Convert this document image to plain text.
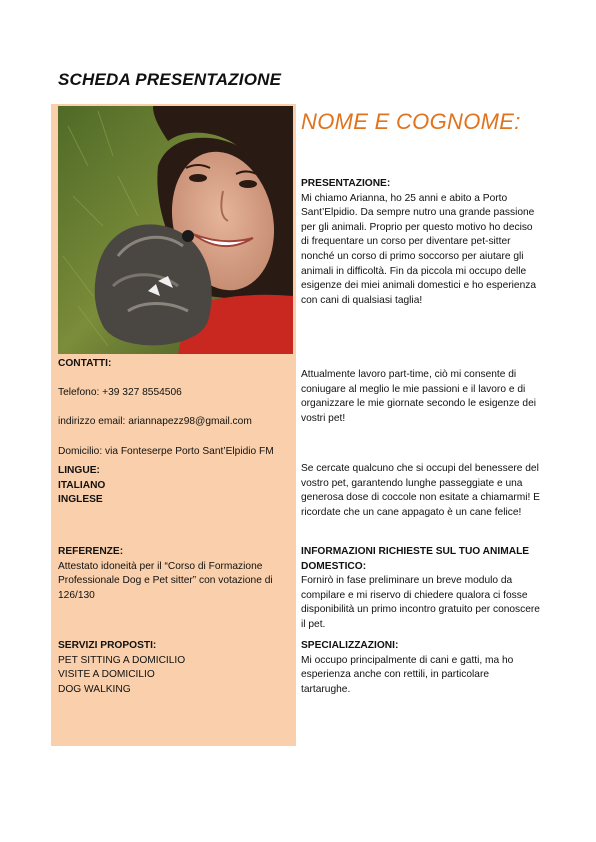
SCHEDA PRESENTAZIONE

CONTATTI:

Telefono: +39 327 8554506

indirizzo email: ariannapezz98@gmail.com

Domicilio: via Fonteserpe Porto Sant’Elpidio FM

LINGUE:

ITALIANO

INGLESE

REFERENZE:

Attestato idoneità per il “Corso di Formazione Professionale Dog e Pet sitter” con votazione di 126/130

SERVIZI PROPOSTI:

PET SITTING A DOMICILIO

VISITE A DOMICILIO

DOG WALKING

NOME E COGNOME:

PRESENTAZIONE:

Mi chiamo Arianna, ho 25 anni e abito a Porto Sant’Elpidio. Da sempre nutro una grande passione per gli animali. Proprio per questo motivo ho deciso di frequentare un corso per diventare pet-sitter nonché un corso di primo soccorso per aiutare gli animali in difficoltà. Fin da piccola mi occupo delle esigenze dei miei animali domestici e ho esperienza con cani di qualsiasi taglia!

Attualmente lavoro part-time, ciò mi consente di coniugare al meglio le mie passioni e il lavoro e di organizzare le mie giornate secondo le esigenze dei vostri pet!

Se cercate qualcuno che si occupi del benessere del vostro pet, garantendo lunghe passeggiate e una generosa dose di coccole non esitate a chiamarmi! E ricordate che un cane appagato è un cane felice!

INFORMAZIONI RICHIESTE SUL TUO ANIMALE DOMESTICO:

Fornirò in fase preliminare un breve modulo da compilare e mi riservo di chiedere qualora ci fosse disponibilità un primo incontro gratuito per conoscere il pet.

SPECIALIZZAZIONI:

Mi occupo principalmente di cani e gatti, ma ho esperienza anche con rettili, in particolare tartarughe.
